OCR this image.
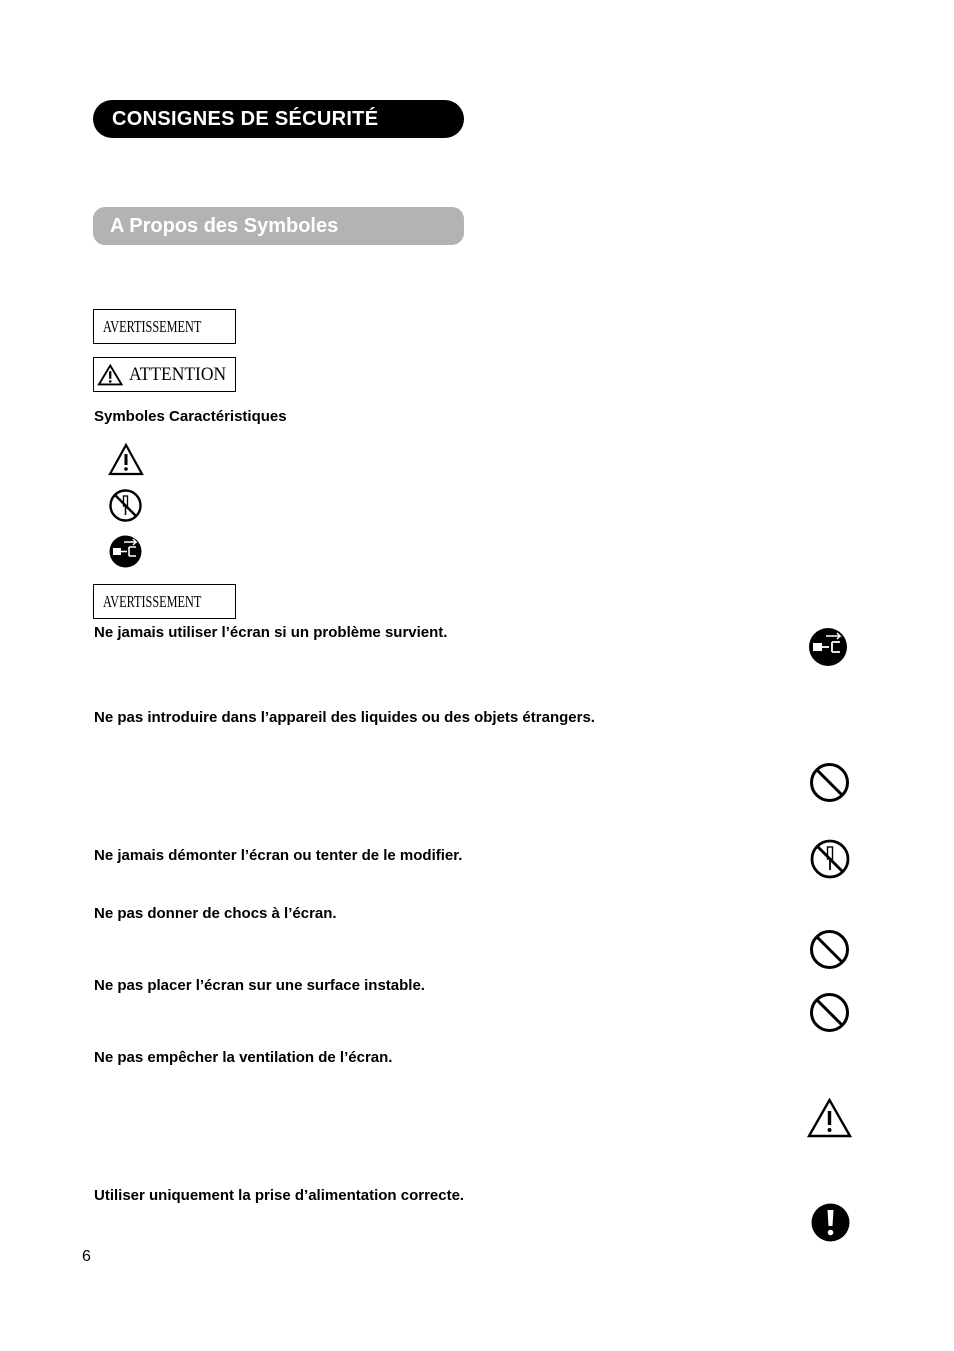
CONSIGNES DE SÉCURITÉ
A Propos des Symboles
AVERTISSEMENT
ATTENTION
Symboles Caractéristiques
AVERTISSEMENT
Ne jamais utiliser l’écran si un problème survient.
Ne pas introduire dans l’appareil des liquides ou des objets étrangers.
Ne jamais démonter l’écran ou tenter de le modifier.
Ne pas donner de chocs à l’écran.
Ne pas placer l’écran sur une surface instable.
Ne pas empêcher la ventilation de l’écran.
Utiliser uniquement la prise d’alimentation correcte.
6
